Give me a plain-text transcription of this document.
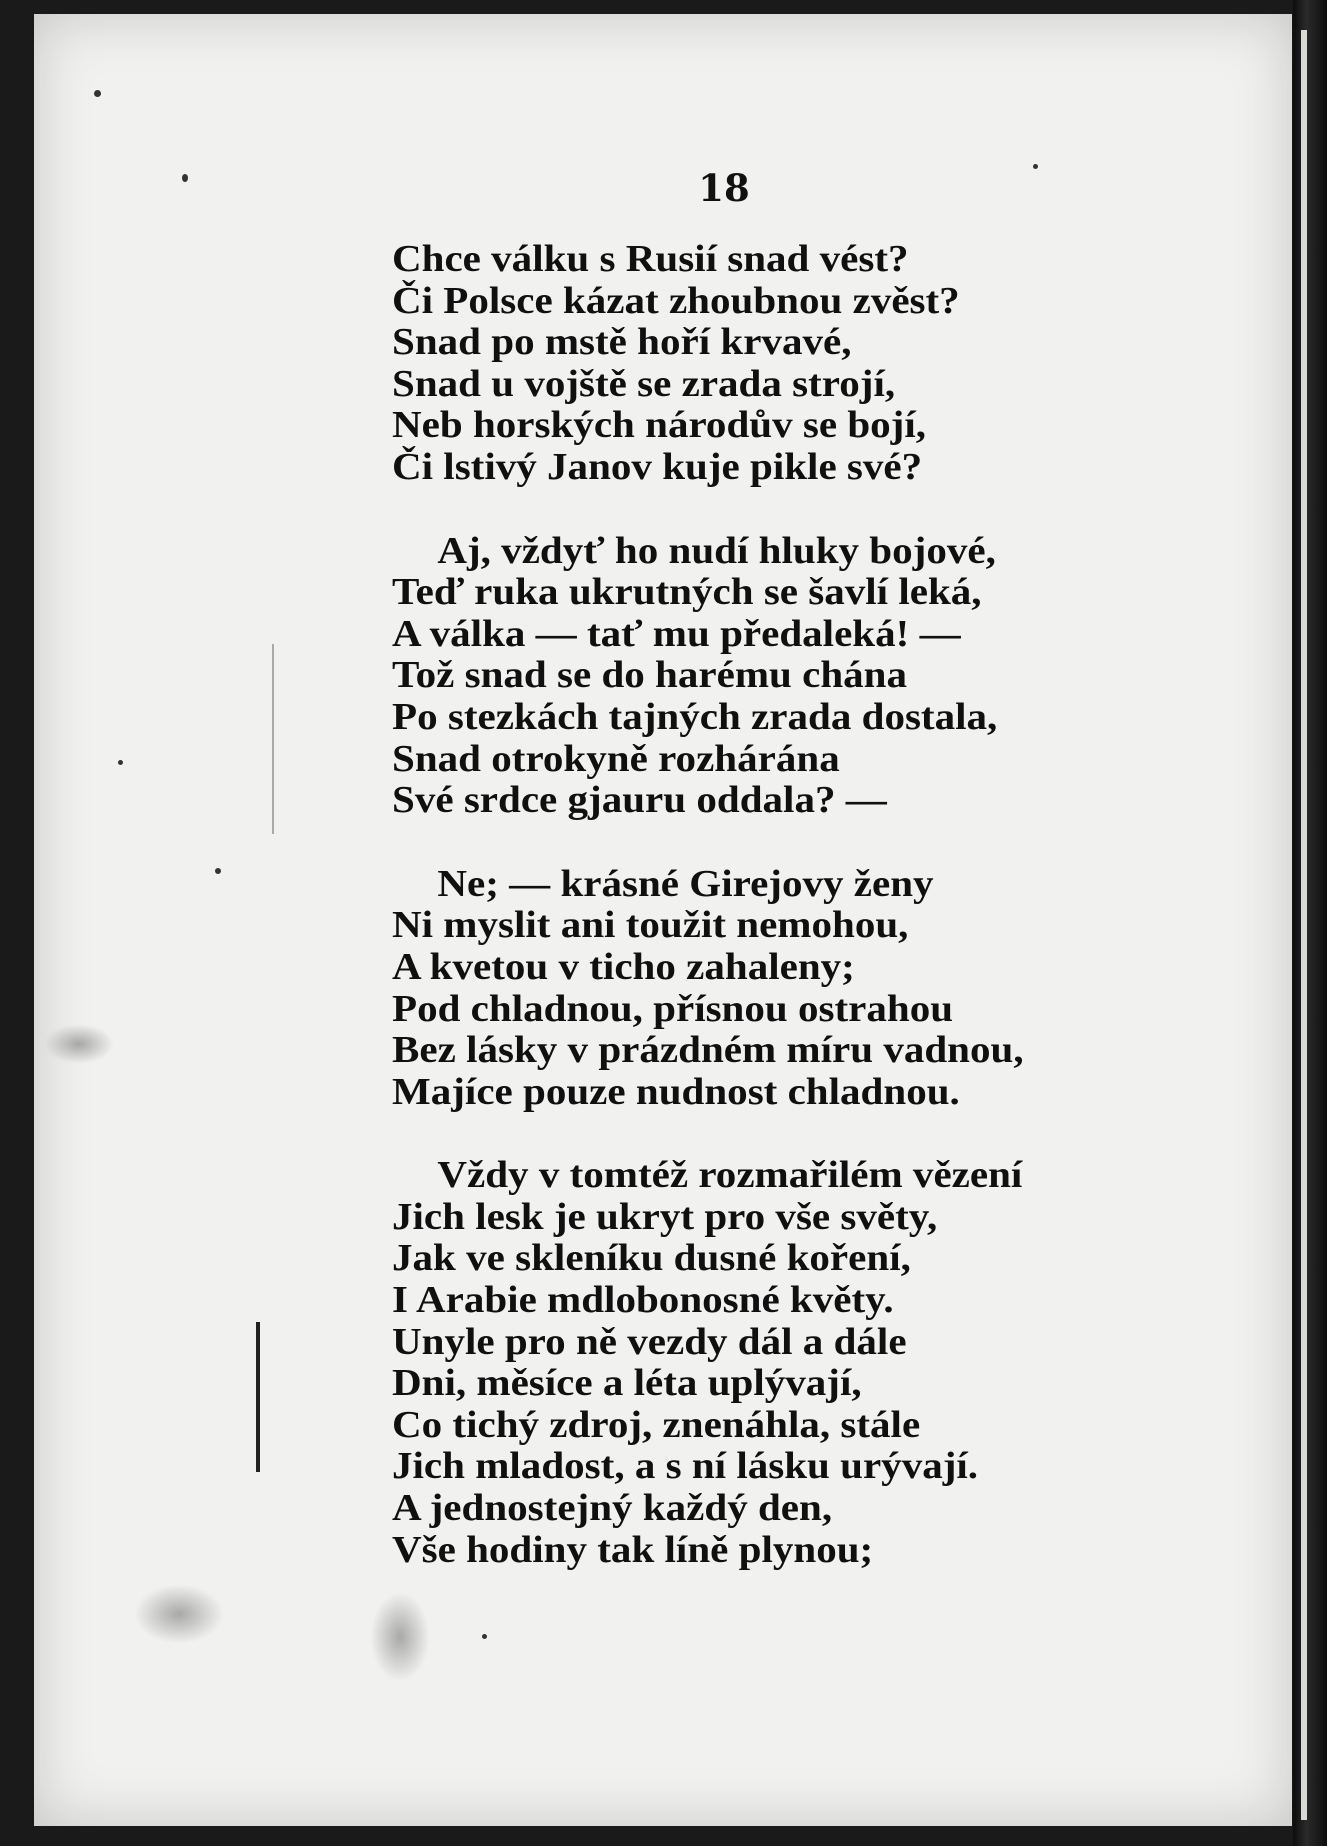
18

Chce válku s Rusií snad vést?
Či Polsce kázat zhoubnou zvěst?
Snad po mstě hoří krvavé,
Snad u vojště se zrada strojí,
Neb horských národův se bojí,
Či lstivý Janov kuje pikle své?
Aj, vždyť ho nudí hluky bojové,
Teď ruka ukrutných se šavlí leká,
A válka — tať mu předaleká! —
Tož snad se do harému chána
Po stezkách tajných zrada dostala,
Snad otrokyně rozhárána
Své srdce gjauru oddala? —
Ne; — krásné Girejovy ženy
Ni myslit ani toužit nemohou,
A kvetou v ticho zahaleny;
Pod chladnou, přísnou ostrahou
Bez lásky v prázdném míru vadnou,
Majíce pouze nudnost chladnou.
Vždy v tomtéž rozmařilém vězení
Jich lesk je ukryt pro vše světy,
Jak ve skleníku dusné koření,
I Arabie mdlobonosné květy.
Unyle pro ně vezdy dál a dále
Dni, měsíce a léta uplývají,
Co tichý zdroj, znenáhla, stále
Jich mladost, a s ní lásku urývají.
A jednostejný každý den,
Vše hodiny tak líně plynou;
